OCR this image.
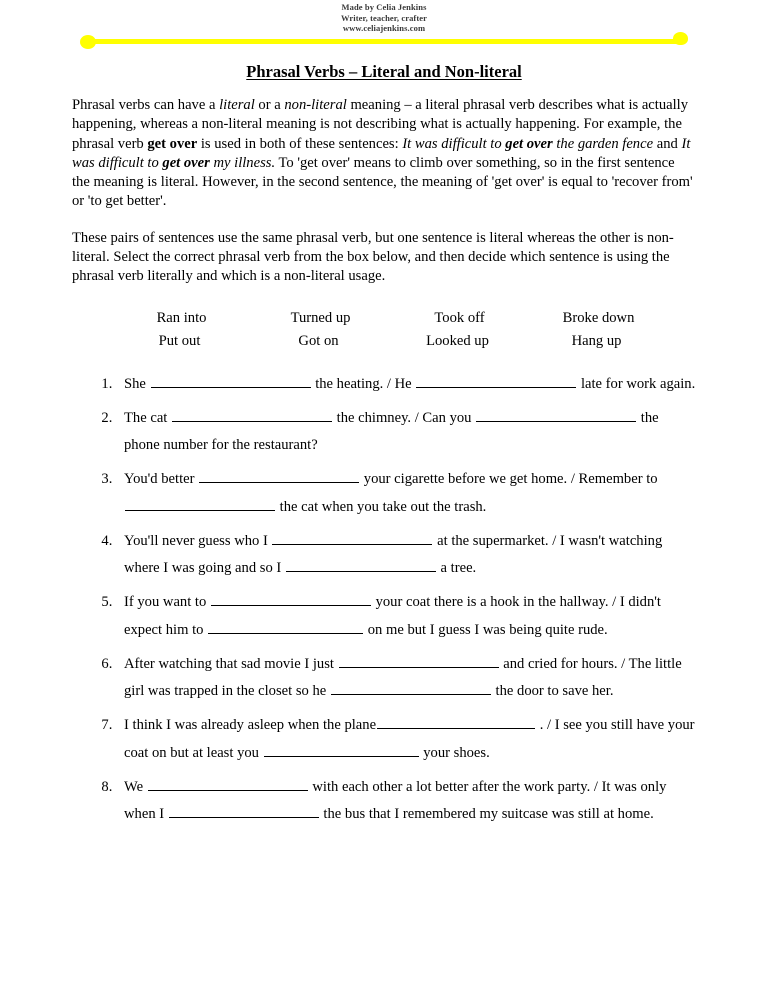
Made by Celia Jenkins
Writer, teacher, crafter
www.celiajenkins.com
Phrasal Verbs – Literal and Non-literal

Phrasal verbs can have a literal or a non-literal meaning – a literal phrasal verb describes what is actually happening, whereas a non-literal meaning is not describing what is actually happening. For example, the phrasal verb get over is used in both of these sentences: It was difficult to get over the garden fence and It was difficult to get over my illness. To 'get over' means to climb over something, so in the first sentence the meaning is literal. However, in the second sentence, the meaning of 'get over' is equal to 'recover from' or 'to get better'.

These pairs of sentences use the same phrasal verb, but one sentence is literal whereas the other is non-literal. Select the correct phrasal verb from the box below, and then decide which sentence is using the phrasal verb literally and which is a non-literal usage.

Ran into	Turned up	Took off	Broke down
Put out	Got on	Looked up	Hang up
1. She	the heating. / He	late for work again.
2. The cat	the chimney. / Can you	the phone number for the restaurant?
3. You'd better	your cigarette before we get home. / Remember to  the cat when you take out the trash.
4. You'll never guess who I	at the supermarket. / I wasn't watching where I was going and so I	a tree.
5. If you want to	your coat there is a hook in the hallway. / I didn't expect him to	on me but I guess I was being quite rude.
6. After watching that sad movie I just	and cried for hours. / The little girl was trapped in the closet so he	the door to save her.
7. I think I was already asleep when the plane	. / I see you still have your coat on but at least you	your shoes.
8. We	with each other a lot better after the work party. / It was only when I	the bus that I remembered my suitcase was still at home.
